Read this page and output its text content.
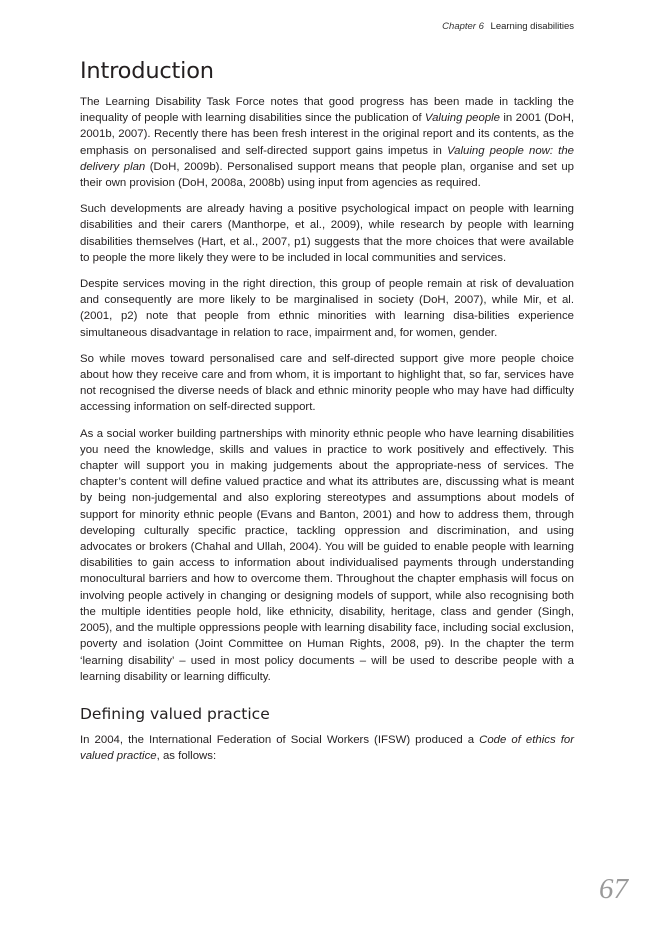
Chapter 6 Learning disabilities
Introduction

The Learning Disability Task Force notes that good progress has been made in tackling the inequality of people with learning disabilities since the publication of Valuing people in 2001 (DoH, 2001b, 2007). Recently there has been fresh interest in the original report and its contents, as the emphasis on personalised and self-directed support gains impetus in Valuing people now: the delivery plan (DoH, 2009b). Personalised support means that people plan, organise and set up their own provision (DoH, 2008a, 2008b) using input from agencies as required.

Such developments are already having a positive psychological impact on people with learning disabilities and their carers (Manthorpe, et al., 2009), while research by people with learning disabilities themselves (Hart, et al., 2007, p1) suggests that the more choices that were available to people the more likely they were to be included in local communities and services.

Despite services moving in the right direction, this group of people remain at risk of devaluation and consequently are more likely to be marginalised in society (DoH, 2007), while Mir, et al. (2001, p2) note that people from ethnic minorities with learning disa-bilities experience simultaneous disadvantage in relation to race, impairment and, for women, gender.

So while moves toward personalised care and self-directed support give more people choice about how they receive care and from whom, it is important to highlight that, so far, services have not recognised the diverse needs of black and ethnic minority people who may have had difficulty accessing information on self-directed support.

As a social worker building partnerships with minority ethnic people who have learning disabilities you need the knowledge, skills and values in practice to work positively and effectively. This chapter will support you in making judgements about the appropriate-ness of services. The chapter’s content will define valued practice and what its attributes are, discussing what is meant by being non-judgemental and also exploring stereotypes and assumptions about models of support for minority ethnic people (Evans and Banton, 2001) and how to address them, through developing culturally specific practice, tackling oppression and discrimination, and using advocates or brokers (Chahal and Ullah, 2004). You will be guided to enable people with learning disabilities to gain access to information about individualised payments through understanding monocultural barriers and how to overcome them. Throughout the chapter emphasis will focus on involving people actively in changing or designing models of support, while also recognising both the multiple identities people hold, like ethnicity, disability, heritage, class and gender (Singh, 2005), and the multiple oppressions people with learning disability face, including social exclusion, poverty and isolation (Joint Committee on Human Rights, 2008, p9). In the chapter the term ‘learning disability’ – used in most policy documents – will be used to describe people with a learning disability or learning difficulty.

Defining valued practice

In 2004, the International Federation of Social Workers (IFSW) produced a Code of ethics for valued practice, as follows:

67
